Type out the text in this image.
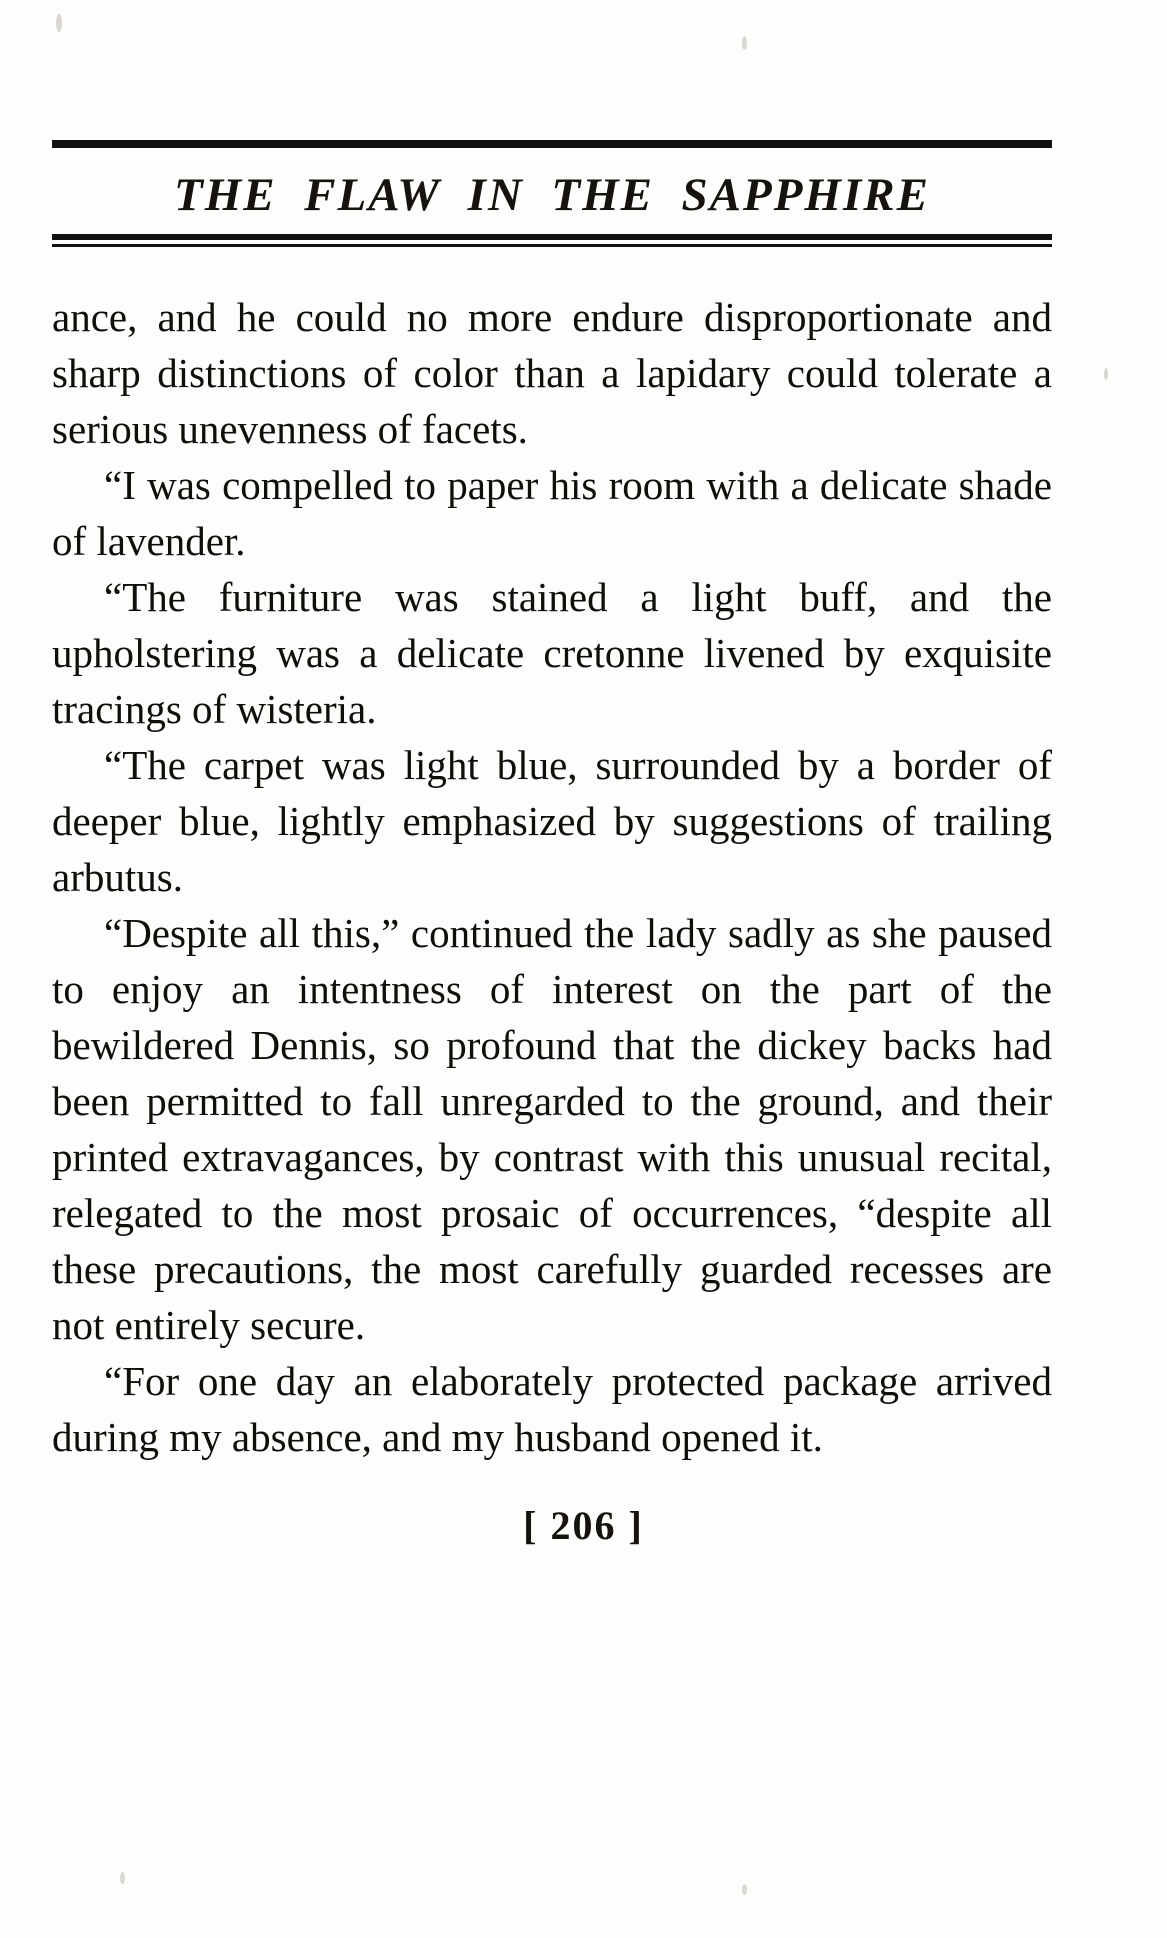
THE  FLAW  IN  THE  SAPPHIRE

ance, and he could no more endure disproportionate and sharp distinctions of color than a lapidary could tolerate a serious unevenness of facets.

“I was compelled to paper his room with a delicate shade of lavender.

“The furniture was stained a light buff, and the upholstering was a delicate cretonne livened by exquisite tracings of wisteria.

“The carpet was light blue, surrounded by a border of deeper blue, lightly emphasized by suggestions of trailing arbutus.

“Despite all this,” continued the lady sadly as she paused to enjoy an intentness of interest on the part of the bewildered Dennis, so profound that the dickey backs had been permitted to fall unregarded to the ground, and their printed extravagances, by contrast with this unusual recital, relegated to the most prosaic of occurrences, “despite all these precautions, the most carefully guarded recesses are not entirely secure.

“For one day an elaborately protected package arrived during my absence, and my husband opened it.

[ 206 ]
